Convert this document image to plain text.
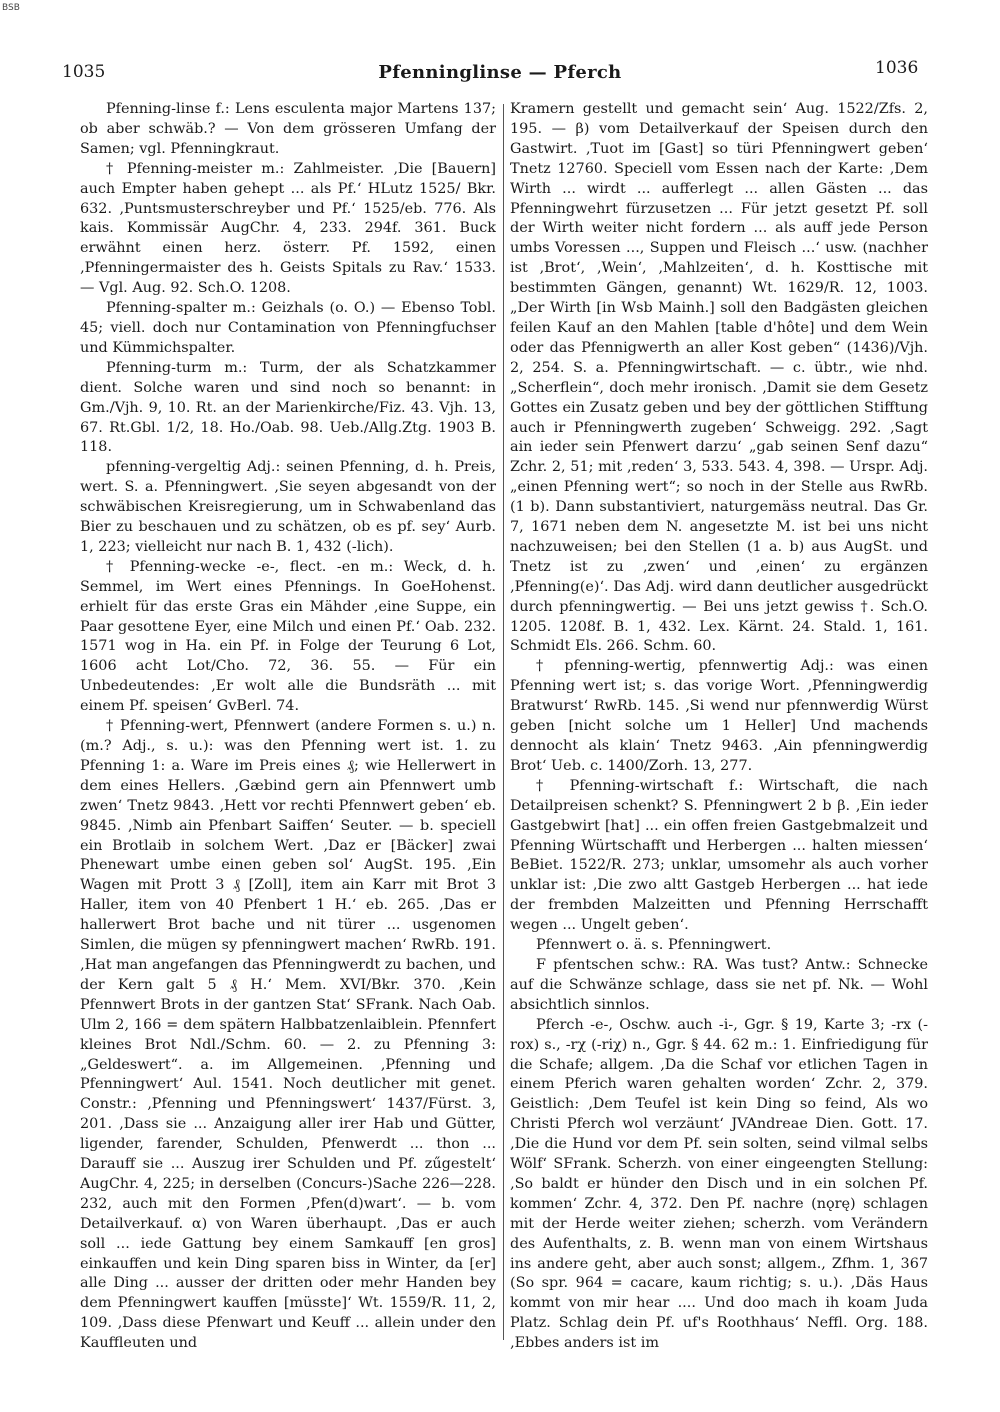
BSB
1035	Pfenninglinse — Pferch	1036

Pfenning-linse f.: Lens esculenta major Martens 137; ob aber schwäb.? — Von dem grösseren Umfang der Samen; vgl. Pfenningkraut.

† Pfenning-meister m.: Zahlmeister. ‚Die [Bauern] auch Empter haben gehept ... als Pf.‘ HLutz 1525/ Bkr. 632. ‚Puntsmusterschreyber und Pf.‘ 1525/eb. 776. Als kais. Kommissär AugChr. 4, 233. 294f. 361. Buck erwähnt einen herz. österr. Pf. 1592, einen ‚Pfenningermaister des h. Geists Spitals zu Rav.‘ 1533. — Vgl. Aug. 92. Sch.O. 1208.

Pfenning-spalter m.: Geizhals (o. O.) — Ebenso Tobl. 45; viell. doch nur Contamination von Pfenningfuchser und Kümmichspalter.

Pfenning-turm m.: Turm, der als Schatzkammer dient. Solche waren und sind noch so benannt: in Gm./Vjh. 9, 10. Rt. an der Marienkirche/Fiz. 43. Vjh. 13, 67. Rt.Gbl. 1/2, 18. Ho./Oab. 98. Ueb./Allg.Ztg. 1903 B. 118.

pfenning-vergeltig Adj.: seinen Pfenning, d. h. Preis, wert. S. a. Pfenningwert. ‚Sie seyen abgesandt von der schwäbischen Kreisregierung, um in Schwabenland das Bier zu beschauen und zu schätzen, ob es pf. sey‘ Aurb. 1, 223; vielleicht nur nach B. 1, 432 (-lich).

† Pfenning-wecke -e-, flect. -en m.: Weck, d. h. Semmel, im Wert eines Pfennings. In GoeHohenst. erhielt für das erste Gras ein Mähder ‚eine Suppe, ein Paar gesottene Eyer, eine Milch und einen Pf.‘ Oab. 232. 1571 wog in Ha. ein Pf. in Folge der Teurung 6 Lot, 1606 acht Lot/Cho. 72, 36. 55. — Für ein Unbedeutendes: ‚Er wolt alle die Bundsräth ... mit einem Pf. speisen‘ GvBerl. 74.

† Pfenning-wert, Pfennwert (andere Formen s. u.) n. (m.? Adj., s. u.): was den Pfenning wert ist. 1. zu Pfenning 1: a. Ware im Preis eines ₰; wie Hellerwert in dem eines Hellers. ‚Gæbind gern ain Pfennwert umb zwen‘ Tnetz 9843. ‚Hett vor rechti Pfennwert geben‘ eb. 9845. ‚Nimb ain Pfenbart Saiffen‘ Seuter. — b. speciell ein Brotlaib in solchem Wert. ‚Daz er [Bäcker] zwai Phenewart umbe einen geben sol‘ AugSt. 195. ‚Ein Wagen mit Prott 3 ₰ [Zoll], item ain Karr mit Brot 3 Haller, item von 40 Pfenbert 1 H.‘ eb. 265. ‚Das er hallerwert Brot bache und nit türer ... usgenomen Simlen, die mügen sy pfenningwert machen‘ RwRb. 191. ‚Hat man angefangen das Pfenningwerdt zu bachen, und der Kern galt 5 ₰ H.‘ Mem. XVI/Bkr. 370. ‚Kein Pfennwert Brots in der gantzen Stat‘ SFrank. Nach Oab. Ulm 2, 166 = dem spätern Halbbatzenlaiblein. Pfennfert kleines Brot Ndl./Schm. 60. — 2. zu Pfenning 3: „Geldeswert“. a. im Allgemeinen. ‚Pfenning und Pfenningwert‘ Aul. 1541. Noch deutlicher mit genet. Constr.: ‚Pfenning und Pfenningswert‘ 1437/Fürst. 3, 201. ‚Dass sie ... Anzaigung aller irer Hab und Gütter, ligender, farender, Schulden, Pfenwerdt ... thon ... Darauff sie ... Auszug irer Schulden und Pf. zűgestelt‘ AugChr. 4, 225; in derselben (Concurs-)Sache 226—228. 232, auch mit den Formen ‚Pfen(d)wart‘. — b. vom Detailverkauf. α) von Waren überhaupt. ‚Das er auch soll ... iede Gattung bey einem Samkauff [en gros] einkauffen und kein Ding sparen biss in Winter, da [er] alle Ding ... ausser der dritten oder mehr Handen bey dem Pfenningwert kauffen [müsste]‘ Wt. 1559/R. 11, 2, 109. ‚Dass diese Pfenwart und Keuff ... allein under den Kauffleuten und

Kramern gestellt und gemacht sein‘ Aug. 1522/Zfs. 2, 195. — β) vom Detailverkauf der Speisen durch den Gastwirt. ‚Tuot im [Gast] so türi Pfenningwert geben‘ Tnetz 12760. Speciell vom Essen nach der Karte: ‚Dem Wirth ... wirdt ... aufferlegt ... allen Gästen ... das Pfenningwehrt fürzusetzen ... Für jetzt gesetzt Pf. soll der Wirth weiter nicht fordern ... als auff jede Person umbs Voressen ..., Suppen und Fleisch ...‘ usw. (nachher ist ‚Brot‘, ‚Wein‘, ‚Mahlzeiten‘, d. h. Kosttische mit bestimmten Gängen, genannt) Wt. 1629/R. 12, 1003. „Der Wirth [in Wsb Mainh.] soll den Badgästen gleichen feilen Kauf an den Mahlen [table d'hôte] und dem Wein oder das Pfennigwerth an aller Kost geben“ (1436)/Vjh. 2, 254. S. a. Pfenningwirtschaft. — c. übtr., wie nhd. „Scherflein“, doch mehr ironisch. ‚Damit sie dem Gesetz Gottes ein Zusatz geben und bey der göttlichen Stifftung auch ir Pfenningwerth zugeben‘ Schweigg. 292. ‚Sagt ain ieder sein Pfenwert darzu‘ „gab seinen Senf dazu“ Zchr. 2, 51; mit ‚reden‘ 3, 533. 543. 4, 398. — Urspr. Adj. „einen Pfenning wert“; so noch in der Stelle aus RwRb. (1 b). Dann substantiviert, naturgemäss neutral. Das Gr. 7, 1671 neben dem N. angesetzte M. ist bei uns nicht nachzuweisen; bei den Stellen (1 a. b) aus AugSt. und Tnetz ist zu ‚zwen‘ und ‚einen‘ zu ergänzen ‚Pfenning(e)‘. Das Adj. wird dann deutlicher ausgedrückt durch pfenningwertig. — Bei uns jetzt gewiss †. Sch.O. 1205. 1208f. B. 1, 432. Lex. Kärnt. 24. Stald. 1, 161. Schmidt Els. 266. Schm. 60.

† pfenning-wertig, pfennwertig Adj.: was einen Pfenning wert ist; s. das vorige Wort. ‚Pfenningwerdig Bratwurst‘ RwRb. 145. ‚Si wend nur pfennwerdig Würst geben [nicht solche um 1 Heller] Und machends dennocht als klain‘ Tnetz 9463. ‚Ain pfenningwerdig Brot‘ Ueb. c. 1400/Zorh. 13, 277.

† Pfenning-wirtschaft f.: Wirtschaft, die nach Detailpreisen schenkt? S. Pfenningwert 2 b β. ‚Ein ieder Gastgebwirt [hat] ... ein offen freien Gastgebmalzeit und Pfenning Würtschafft und Herbergen ... halten miessen‘ BeBiet. 1522/R. 273; unklar, umsomehr als auch vorher unklar ist: ‚Die zwo altt Gastgeb Herbergen ... hat iede der frembden Malzeitten und Pfenning Herrschafft wegen ... Ungelt geben‘.

Pfennwert o. ä. s. Pfenningwert.

F pfentschen schw.: RA. Was tust? Antw.: Schnecke auf die Schwänze schlage, dass sie net pf. Nk. — Wohl absichtlich sinnlos.

Pferch -e-, Oschw. auch -i-, Ggr. § 19, Karte 3; -rx (-rox) s., -rχ (-riχ) n., Ggr. § 44. 62 m.: 1. Einfriedigung für die Schafe; allgem. ‚Da die Schaf vor etlichen Tagen in einem Pferich waren gehalten worden‘ Zchr. 2, 379. Geistlich: ‚Dem Teufel ist kein Ding so feind, Als wo Christi Pferch wol verzäunt‘ JVAndreae Dien. Gott. 17. ‚Die die Hund vor dem Pf. sein solten, seind vilmal selbs Wölf‘ SFrank. Scherzh. von einer eingeengten Stellung: ‚So baldt er hünder den Disch und in ein solchen Pf. kommen‘ Zchr. 4, 372. Den Pf. nachre (nǫrę) schlagen mit der Herde weiter ziehen; scherzh. vom Verändern des Aufenthalts, z. B. wenn man von einem Wirtshaus ins andere geht, aber auch sonst; allgem., Zfhm. 1, 367 (So spr. 964 = cacare, kaum richtig; s. u.). ‚Däs Haus kommt von mir hear .... Und doo mach ih koam Juda Platz. Schlag dein Pf. uf's Roothhaus‘ Neffl. Org. 188. ‚Ebbes anders ist im
